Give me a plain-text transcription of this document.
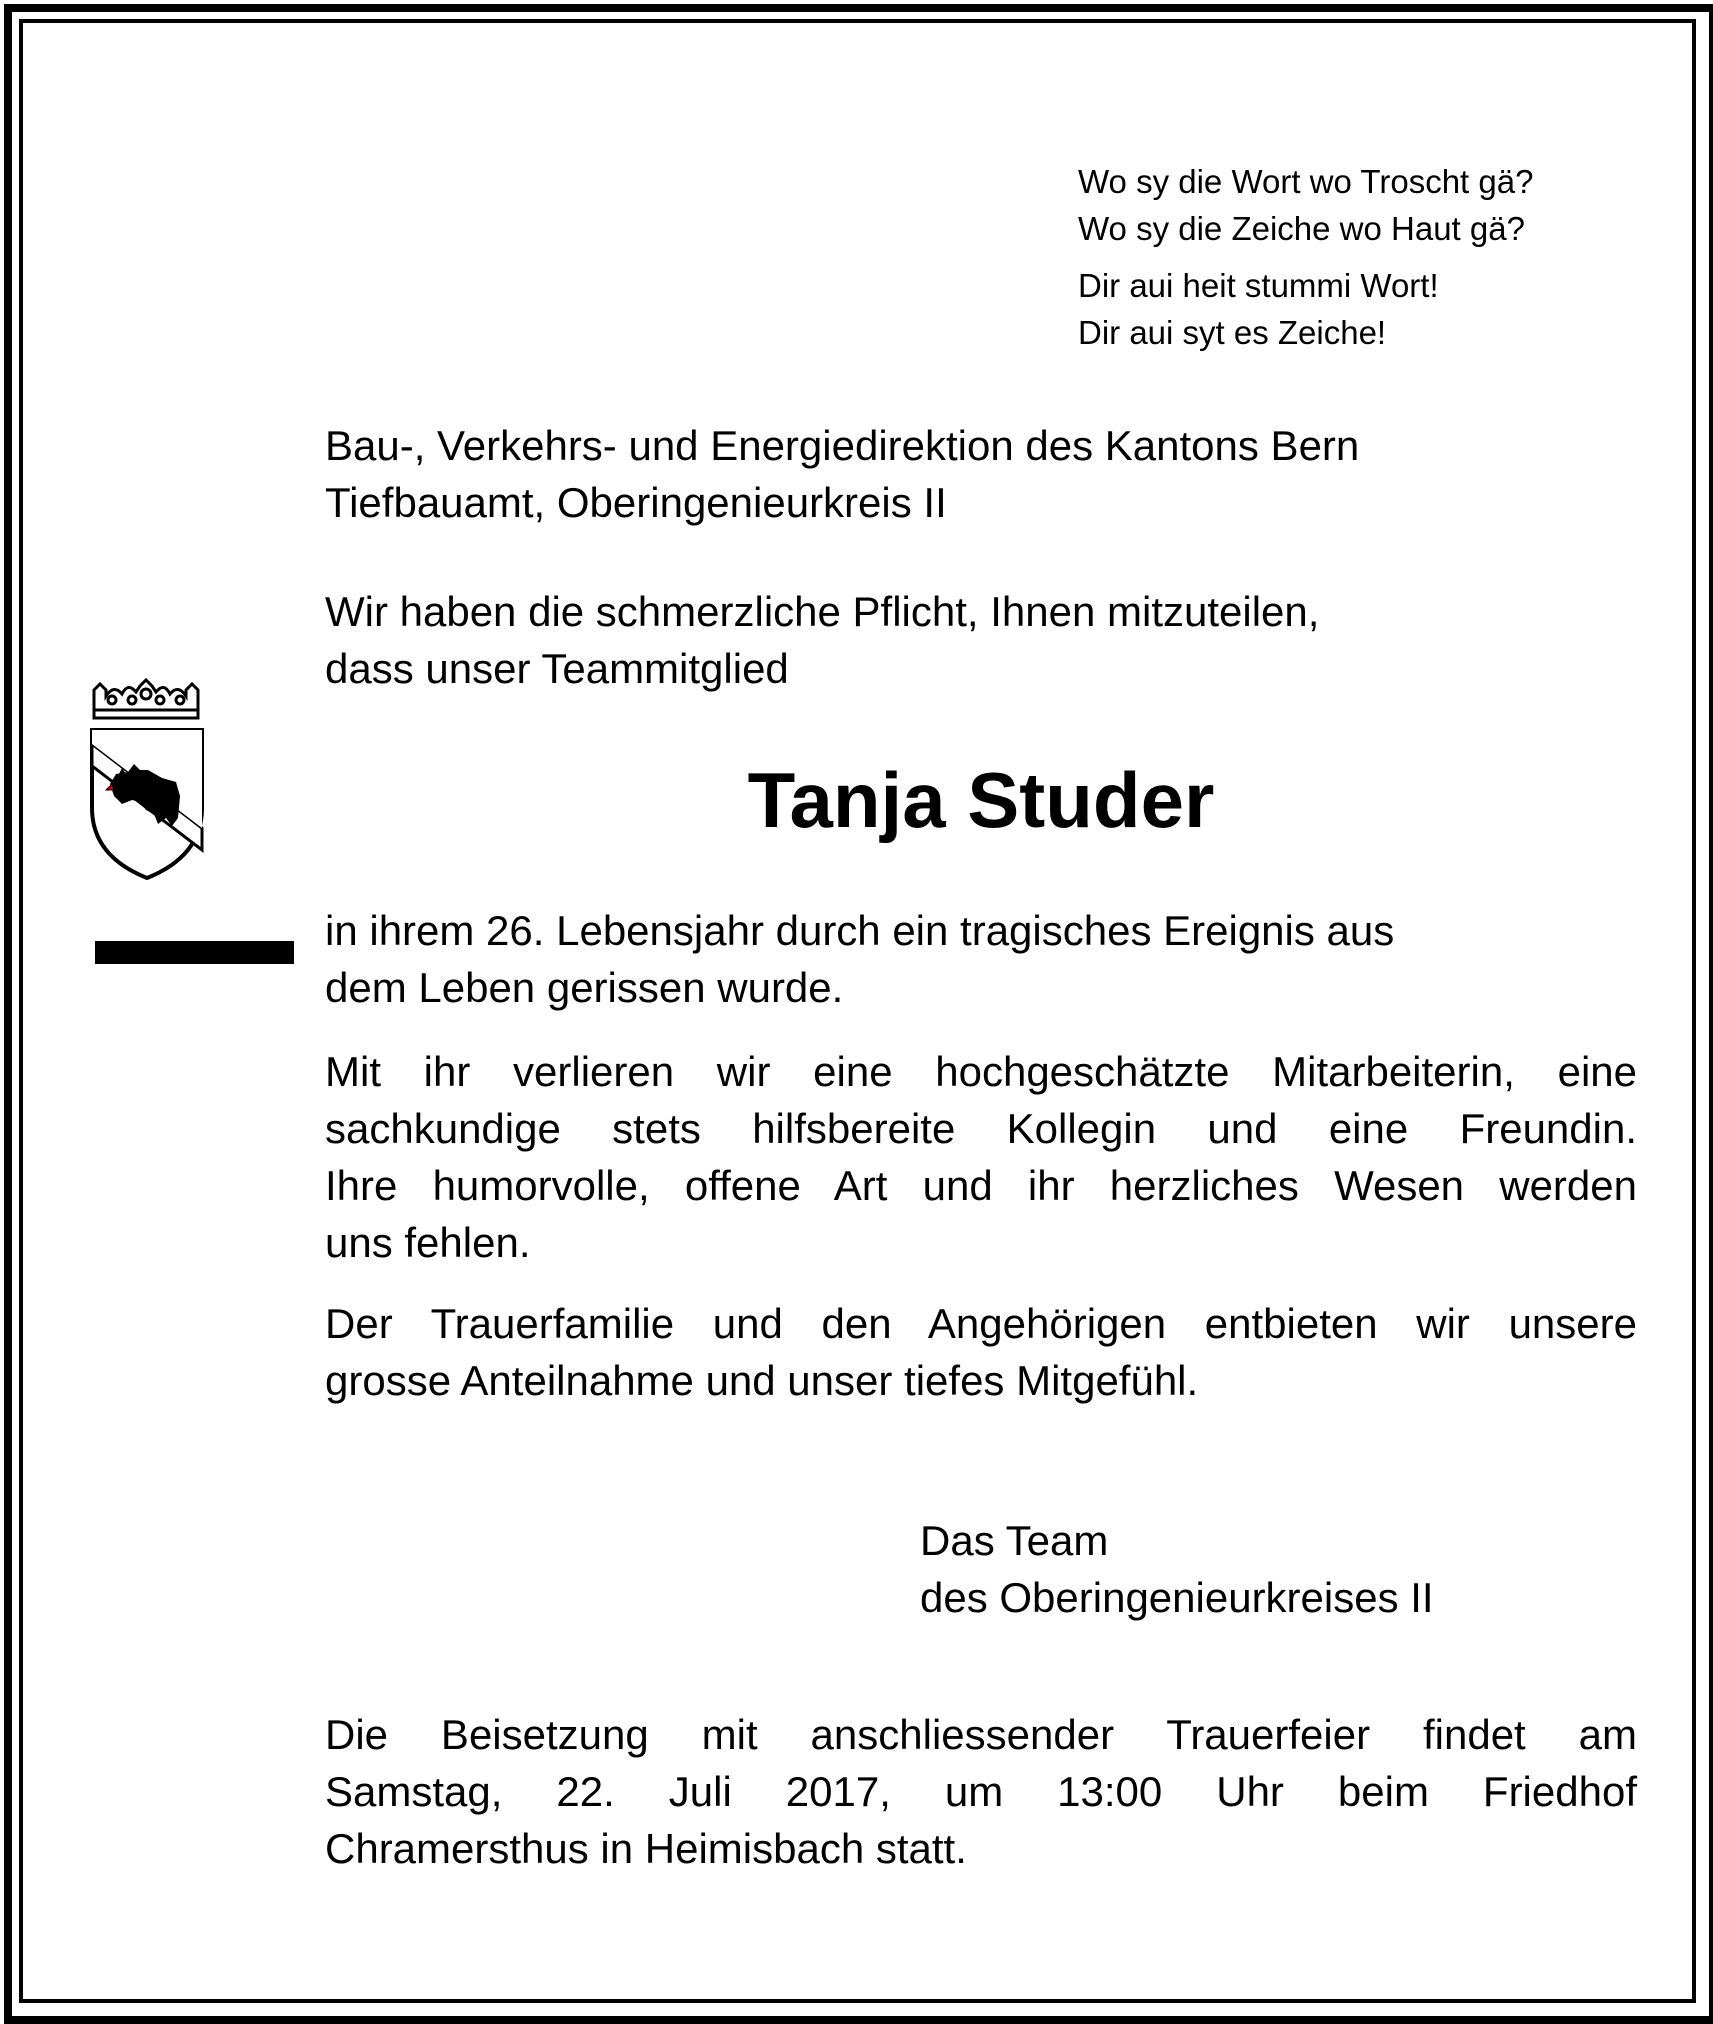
Wo sy die Wort wo Troscht gä?
Wo sy die Zeiche wo Haut gä?
Dir aui heit stummi Wort!
Dir aui syt es Zeiche!
Bau-, Verkehrs- und Energiedirektion des Kantons Bern
Tiefbauamt, Oberingenieurkreis II
Wir haben die schmerzliche Pflicht, Ihnen mitzuteilen,
dass unser Teammitglied
Tanja Studer
in ihrem 26. Lebensjahr durch ein tragisches Ereignis aus
dem Leben gerissen wurde.
Mit ihr verlieren wir eine hochgeschätzte Mitarbeiterin, eine
sachkundige stets hilfsbereite Kollegin und eine Freundin.
Ihre humorvolle, offene Art und ihr herzliches Wesen werden
uns fehlen.
Der Trauerfamilie und den Angehörigen entbieten wir unsere
grosse Anteilnahme und unser tiefes Mitgefühl.
Das Team
des Oberingenieurkreises II
Die Beisetzung mit anschliessender Trauerfeier findet am
Samstag, 22. Juli 2017, um 13:00 Uhr beim Friedhof
Chramersthus in Heimisbach statt.
